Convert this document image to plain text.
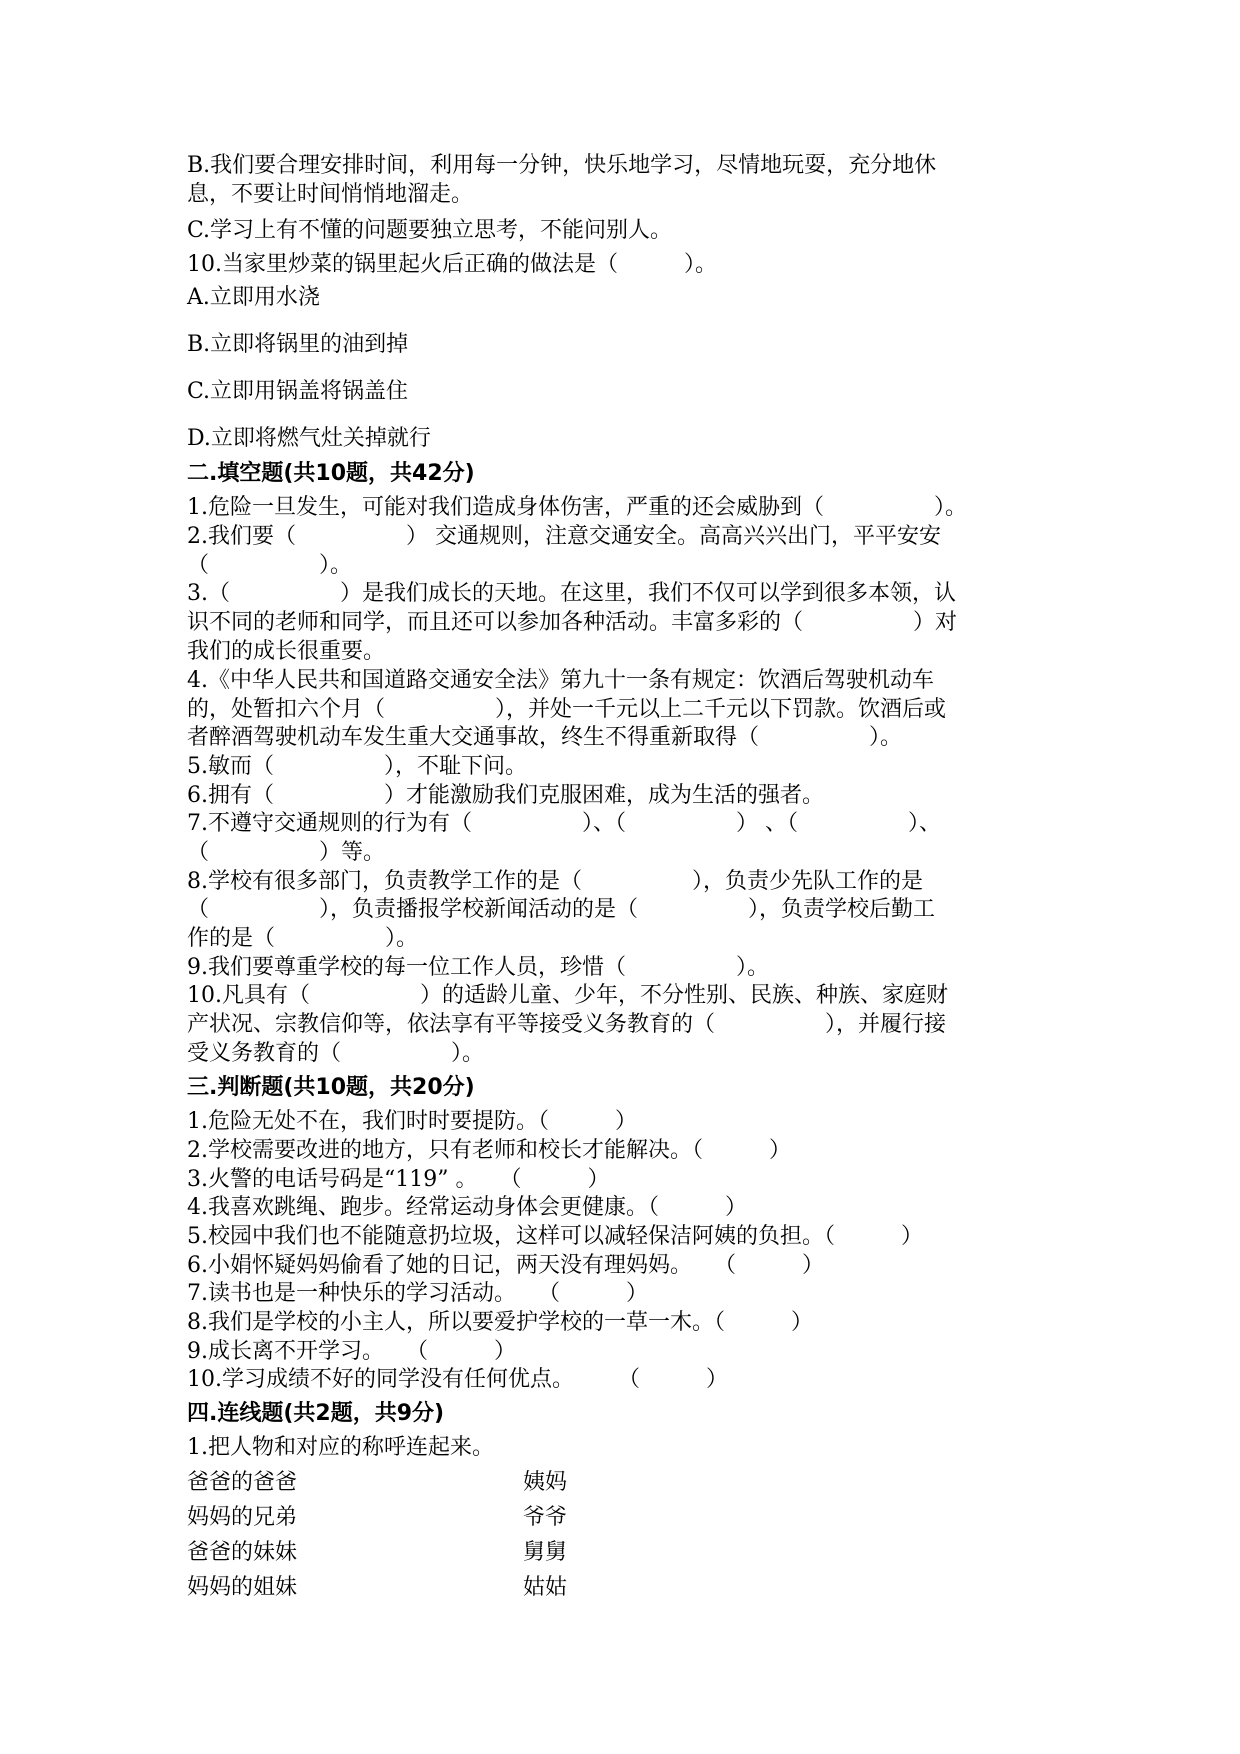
B.我们要合理安排时间，利用每一分钟，快乐地学习，尽情地玩耍，充分地休

息，不要让时间悄悄地溜走。

C.学习上有不懂的问题要独立思考，不能问别人。

10.当家里炒菜的锅里起火后正确的做法是（　　　）。

A.立即用水浇

B.立即将锅里的油到掉

C.立即用锅盖将锅盖住

D.立即将燃气灶关掉就行

二.填空题(共10题，共42分)

1.危险一旦发生，可能对我们造成身体伤害，严重的还会威胁到（　　　　　）。

2.我们要（　　　　　） 交通规则，注意交通安全。高高兴兴出门，平平安安

（　　　　　）。

3.（　　　　　）是我们成长的天地。在这里，我们不仅可以学到很多本领，认

识不同的老师和同学，而且还可以参加各种活动。丰富多彩的（　　　　　）对

我们的成长很重要。

4.《中华人民共和国道路交通安全法》第九十一条有规定：饮酒后驾驶机动车

的，处暂扣六个月（　　　　　），并处一千元以上二千元以下罚款。饮酒后或

者醉酒驾驶机动车发生重大交通事故，终生不得重新取得（　　　　　）。

5.敏而（　　　　　），不耻下问。

6.拥有（　　　　　）才能激励我们克服困难，成为生活的强者。

7.不遵守交通规则的行为有（　　　　　）、（　　　　　） 、（　　　　　）、

（　　　　　）等。

8.学校有很多部门，负责教学工作的是（　　　　　），负责少先队工作的是

（　　　　　），负责播报学校新闻活动的是（　　　　　），负责学校后勤工

作的是（　　　　　）。

9.我们要尊重学校的每一位工作人员，珍惜（　　　　　）。

10.凡具有（　　　　　）的适龄儿童、少年，不分性别、民族、种族、家庭财

产状况、宗教信仰等，依法享有平等接受义务教育的（　　　　　），并履行接

受义务教育的（　　　　　）。

三.判断题(共10题，共20分)

1.危险无处不在，我们时时要提防。（　　　）

2.学校需要改进的地方，只有老师和校长才能解决。（　　　）

3.火警的电话号码是“119” 。　　（　　　）

4.我喜欢跳绳、跑步。经常运动身体会更健康。（　　　）

5.校园中我们也不能随意扔垃圾，这样可以减轻保洁阿姨的负担。（　　　）

6.小娟怀疑妈妈偷看了她的日记，两天没有理妈妈。　　（　　　）

7.读书也是一种快乐的学习活动。　　（　　　）

8.我们是学校的小主人，所以要爱护学校的一草一木。（　　　）

9.成长离不开学习。　　（　　　）

10.学习成绩不好的同学没有任何优点。　　　（　　　）

四.连线题(共2题，共9分)

1.把人物和对应的称呼连起来。

爸爸的爸爸	姨妈

妈妈的兄弟	爷爷

爸爸的妹妹	舅舅

妈妈的姐妹	姑姑
